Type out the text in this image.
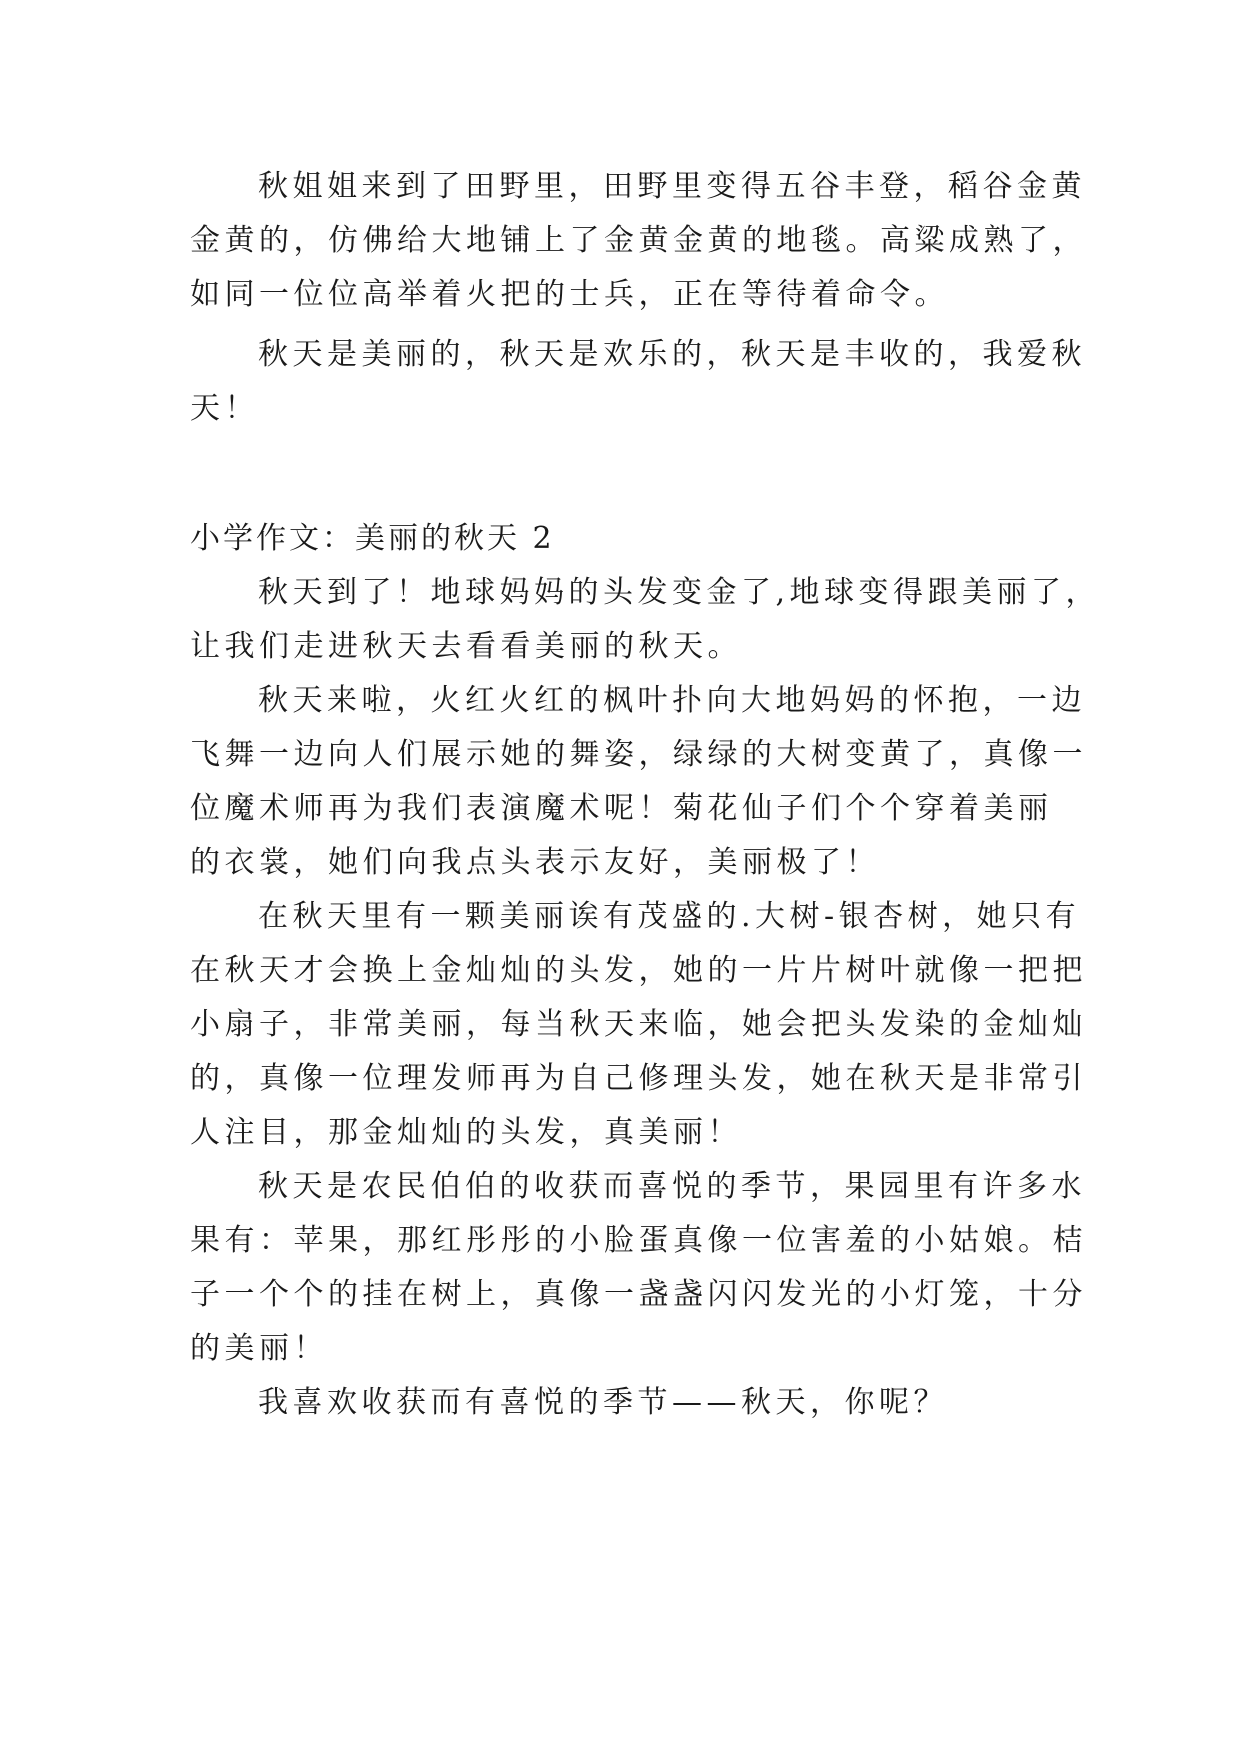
秋姐姐来到了田野里，田野里变得五谷丰登，稻谷金黄
金黄的，仿佛给大地铺上了金黄金黄的地毯。高粱成熟了，
如同一位位高举着火把的士兵，正在等待着命令。
秋天是美丽的，秋天是欢乐的，秋天是丰收的，我爱秋
天！
小学作文：美丽的秋天 2
秋天到了！地球妈妈的头发变金了,地球变得跟美丽了，
让我们走进秋天去看看美丽的秋天。
秋天来啦，火红火红的枫叶扑向大地妈妈的怀抱，一边
飞舞一边向人们展示她的舞姿，绿绿的大树变黄了，真像一
位魔术师再为我们表演魔术呢！菊花仙子们个个穿着美丽
的衣裳，她们向我点头表示友好，美丽极了！
在秋天里有一颗美丽诶有茂盛的.大树-银杏树，她只有
在秋天才会换上金灿灿的头发，她的一片片树叶就像一把把
小扇子，非常美丽，每当秋天来临，她会把头发染的金灿灿
的，真像一位理发师再为自己修理头发，她在秋天是非常引
人注目，那金灿灿的头发，真美丽！
秋天是农民伯伯的收获而喜悦的季节，果园里有许多水
果有：苹果，那红彤彤的小脸蛋真像一位害羞的小姑娘。桔
子一个个的挂在树上，真像一盏盏闪闪发光的小灯笼，十分
的美丽！
我喜欢收获而有喜悦的季节——秋天，你呢？
